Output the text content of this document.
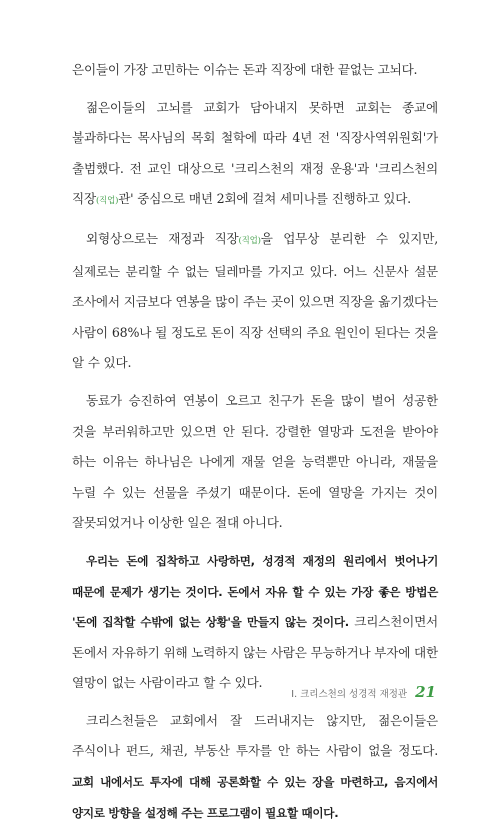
은이들이 가장 고민하는 이슈는 돈과 직장에 대한 끝없는 고뇌다.

젊은이들의 고뇌를 교회가 담아내지 못하면 교회는 종교에 불과하다는 목사님의 목회 철학에 따라 4년 전 '직장사역위원회'가 출범했다. 전 교인 대상으로 '크리스천의 재정 운용'과 '크리스천의 직장(직업)관' 중심으로 매년 2회에 걸쳐 세미나를 진행하고 있다.

외형상으로는 재정과 직장(직업)을 업무상 분리한 수 있지만, 실제로는 분리할 수 없는 딜레마를 가지고 있다. 어느 신문사 설문 조사에서 지금보다 연봉을 많이 주는 곳이 있으면 직장을 옮기겠다는 사람이 68%나 될 정도로 돈이 직장 선택의 주요 원인이 된다는 것을 알 수 있다.

동료가 승진하여 연봉이 오르고 친구가 돈을 많이 벌어 성공한 것을 부러워하고만 있으면 안 된다. 강렬한 열망과 도전을 받아야 하는 이유는 하나님은 나에게 재물 얻을 능력뿐만 아니라, 재물을 누릴 수 있는 선물을 주셨기 때문이다. 돈에 열망을 가지는 것이 잘못되었거나 이상한 일은 절대 아니다.

우리는 돈에 집착하고 사랑하면, 성경적 재정의 원리에서 벗어나기 때문에 문제가 생기는 것이다. 돈에서 자유 할 수 있는 가장 좋은 방법은 '돈에 집착할 수밖에 없는 상황'을 만들지 않는 것이다. 크리스천이면서 돈에서 자유하기 위해 노력하지 않는 사람은 무능하거나 부자에 대한 열망이 없는 사람이라고 할 수 있다.

크리스천들은 교회에서 잘 드러내지는 않지만, 젊은이들은 주식이나 펀드, 채권, 부동산 투자를 안 하는 사람이 없을 정도다. 교회 내에서도 투자에 대해 공론화할 수 있는 장을 마련하고, 음지에서 양지로 방향을 설정해 주는 프로그램이 필요할 때이다.

Ⅰ. 크리스천의 성경적 재정관 21
